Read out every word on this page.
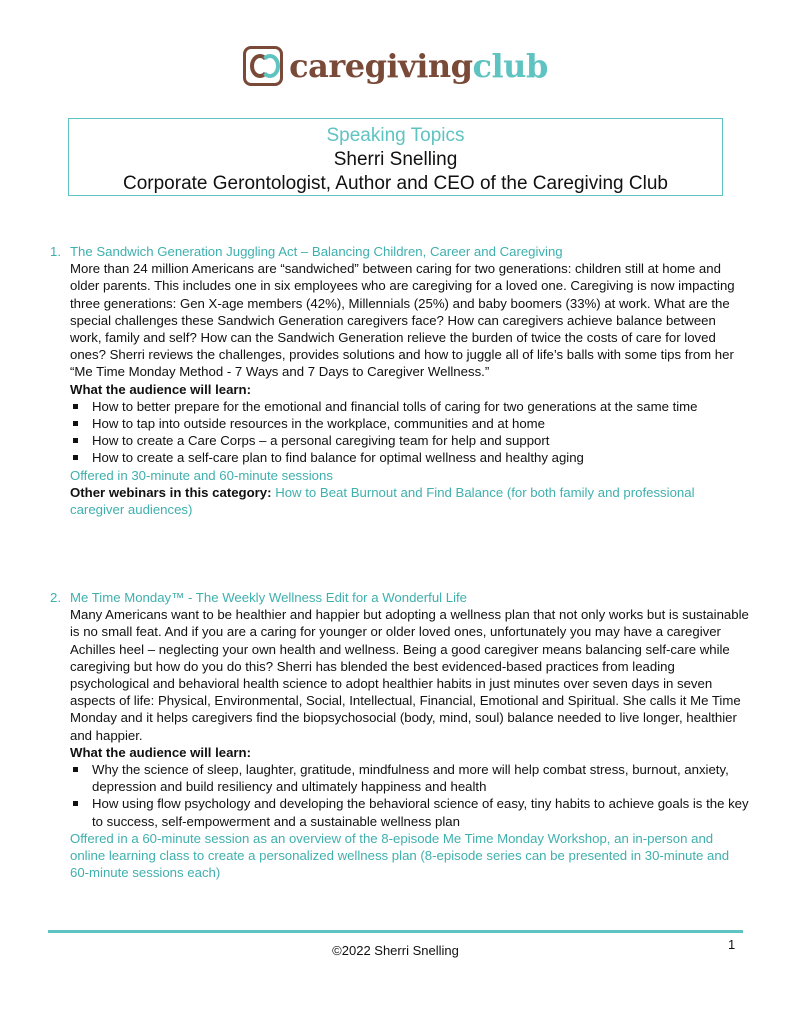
caregivingclub
Speaking Topics
Sherri Snelling
Corporate Gerontologist, Author and CEO of the Caregiving Club
1. The Sandwich Generation Juggling Act – Balancing Children, Career and Caregiving
More than 24 million Americans are “sandwiched” between caring for two generations: children still at home and older parents. This includes one in six employees who are caregiving for a loved one. Caregiving is now impacting three generations: Gen X-age members (42%), Millennials (25%) and baby boomers (33%) at work. What are the special challenges these Sandwich Generation caregivers face? How can caregivers achieve balance between work, family and self? How can the Sandwich Generation relieve the burden of twice the costs of care for loved ones? Sherri reviews the challenges, provides solutions and how to juggle all of life’s balls with some tips from her “Me Time Monday Method - 7 Ways and 7 Days to Caregiver Wellness.”
What the audience will learn:
How to better prepare for the emotional and financial tolls of caring for two generations at the same time
How to tap into outside resources in the workplace, communities and at home
How to create a Care Corps – a personal caregiving team for help and support
How to create a self-care plan to find balance for optimal wellness and healthy aging
Offered in 30-minute and 60-minute sessions
Other webinars in this category: How to Beat Burnout and Find Balance (for both family and professional caregiver audiences)
2. Me Time Monday™ - The Weekly Wellness Edit for a Wonderful Life
Many Americans want to be healthier and happier but adopting a wellness plan that not only works but is sustainable is no small feat. And if you are a caring for younger or older loved ones, unfortunately you may have a caregiver Achilles heel – neglecting your own health and wellness. Being a good caregiver means balancing self-care while caregiving but how do you do this? Sherri has blended the best evidenced-based practices from leading psychological and behavioral health science to adopt healthier habits in just minutes over seven days in seven aspects of life: Physical, Environmental, Social, Intellectual, Financial, Emotional and Spiritual. She calls it Me Time Monday and it helps caregivers find the biopsychosocial (body, mind, soul) balance needed to live longer, healthier and happier.
What the audience will learn:
Why the science of sleep, laughter, gratitude, mindfulness and more will help combat stress, burnout, anxiety, depression and build resiliency and ultimately happiness and health
How using flow psychology and developing the behavioral science of easy, tiny habits to achieve goals is the key to success, self-empowerment and a sustainable wellness plan
Offered in a 60-minute session as an overview of the 8-episode Me Time Monday Workshop, an in-person and online learning class to create a personalized wellness plan (8-episode series can be presented in 30-minute and 60-minute sessions each)
©2022 Sherri Snelling	1
